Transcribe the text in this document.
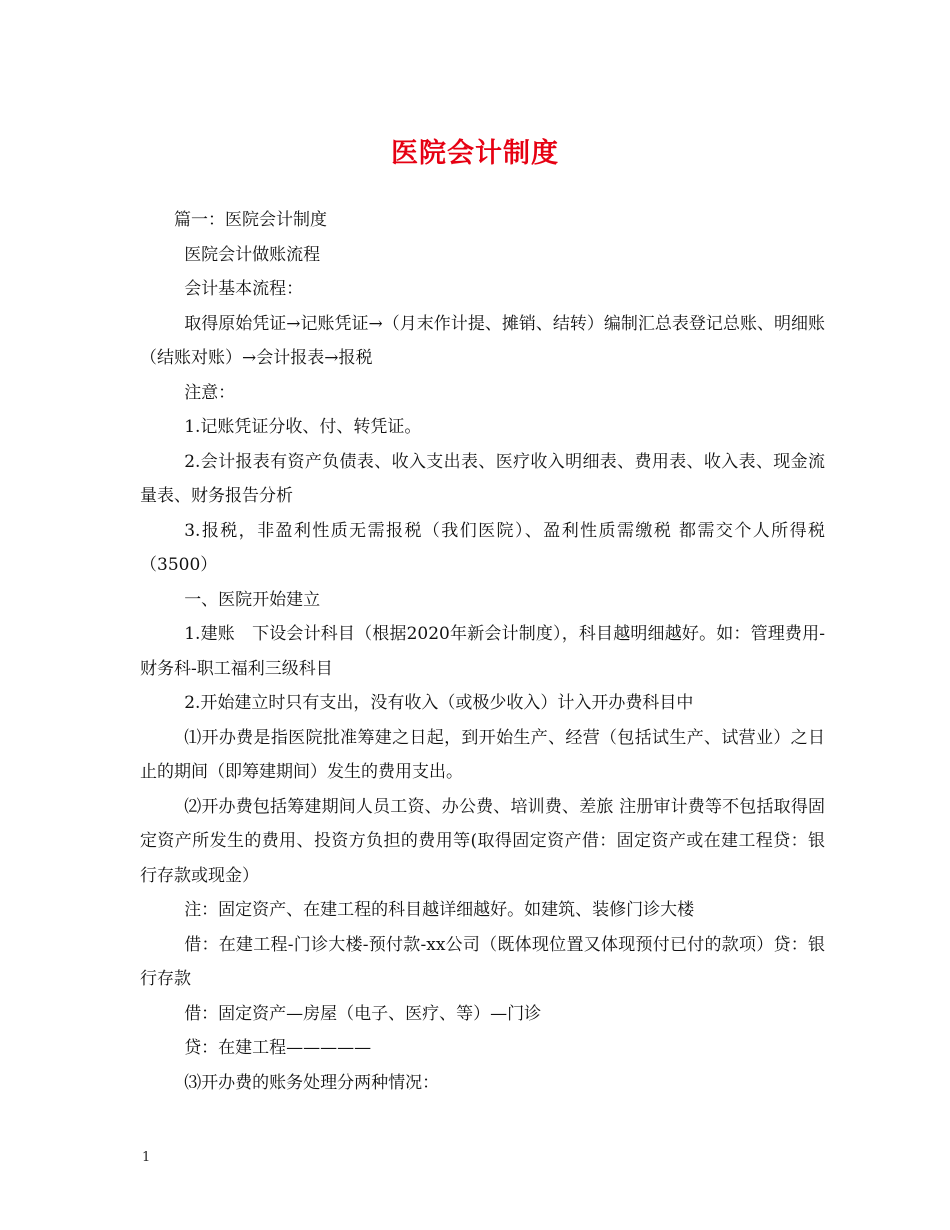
医院会计制度

篇一：医院会计制度

医院会计做账流程

会计基本流程：

取得原始凭证→记账凭证→（月末作计提、摊销、结转）编制汇总表登记总账、明细账（结账对账）→会计报表→报税

注意：

1.记账凭证分收、付、转凭证。

2.会计报表有资产负债表、收入支出表、医疗收入明细表、费用表、收入表、现金流量表、财务报告分析

3.报税，非盈利性质无需报税（我们医院）、盈利性质需缴税 都需交个人所得税（3500）

一、医院开始建立

1.建账　下设会计科目（根据2020年新会计制度），科目越明细越好。如：管理费用-财务科-职工福利三级科目

2.开始建立时只有支出，没有收入（或极少收入）计入开办费科目中

⑴开办费是指医院批准筹建之日起，到开始生产、经营（包括试生产、试营业）之日止的期间（即筹建期间）发生的费用支出。

⑵开办费包括筹建期间人员工资、办公费、培训费、差旅 注册审计费等不包括取得固定资产所发生的费用、投资方负担的费用等(取得固定资产借：固定资产或在建工程贷：银行存款或现金）

注：固定资产、在建工程的科目越详细越好。如建筑、装修门诊大楼

借：在建工程-门诊大楼-预付款-xx公司（既体现位置又体现预付已付的款项）贷：银行存款

借：固定资产—房屋（电子、医疗、等）—门诊

贷：在建工程—————

⑶开办费的账务处理分两种情况：

1
